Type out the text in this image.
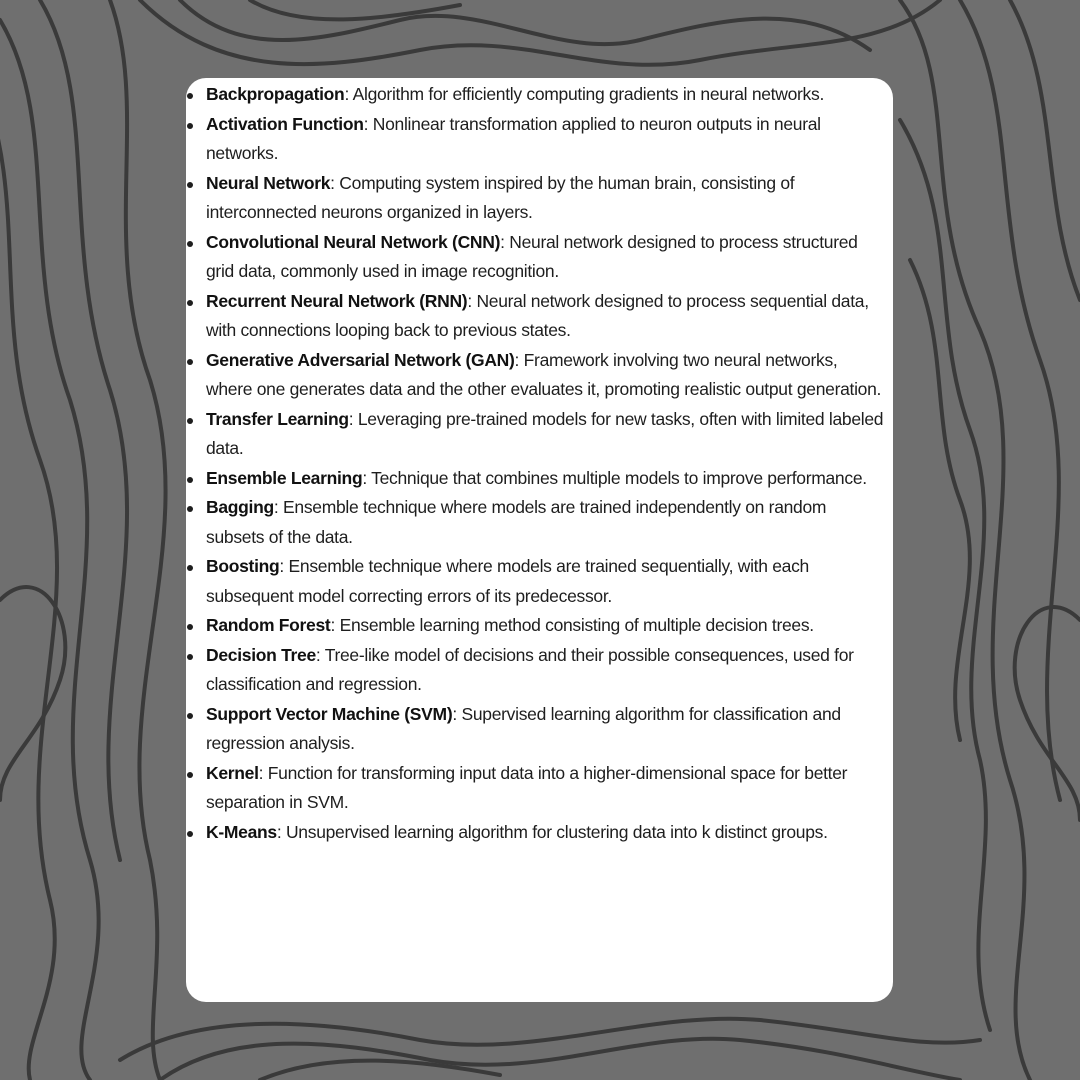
Backpropagation: Algorithm for efficiently computing gradients in neural networks.
Activation Function: Nonlinear transformation applied to neuron outputs in neural networks.
Neural Network: Computing system inspired by the human brain, consisting of interconnected neurons organized in layers.
Convolutional Neural Network (CNN): Neural network designed to process structured grid data, commonly used in image recognition.
Recurrent Neural Network (RNN): Neural network designed to process sequential data, with connections looping back to previous states.
Generative Adversarial Network (GAN): Framework involving two neural networks, where one generates data and the other evaluates it, promoting realistic output generation.
Transfer Learning: Leveraging pre-trained models for new tasks, often with limited labeled data.
Ensemble Learning: Technique that combines multiple models to improve performance.
Bagging: Ensemble technique where models are trained independently on random subsets of the data.
Boosting: Ensemble technique where models are trained sequentially, with each subsequent model correcting errors of its predecessor.
Random Forest: Ensemble learning method consisting of multiple decision trees.
Decision Tree: Tree-like model of decisions and their possible consequences, used for classification and regression.
Support Vector Machine (SVM): Supervised learning algorithm for classification and regression analysis.
Kernel: Function for transforming input data into a higher-dimensional space for better separation in SVM.
K-Means: Unsupervised learning algorithm for clustering data into k distinct groups.
